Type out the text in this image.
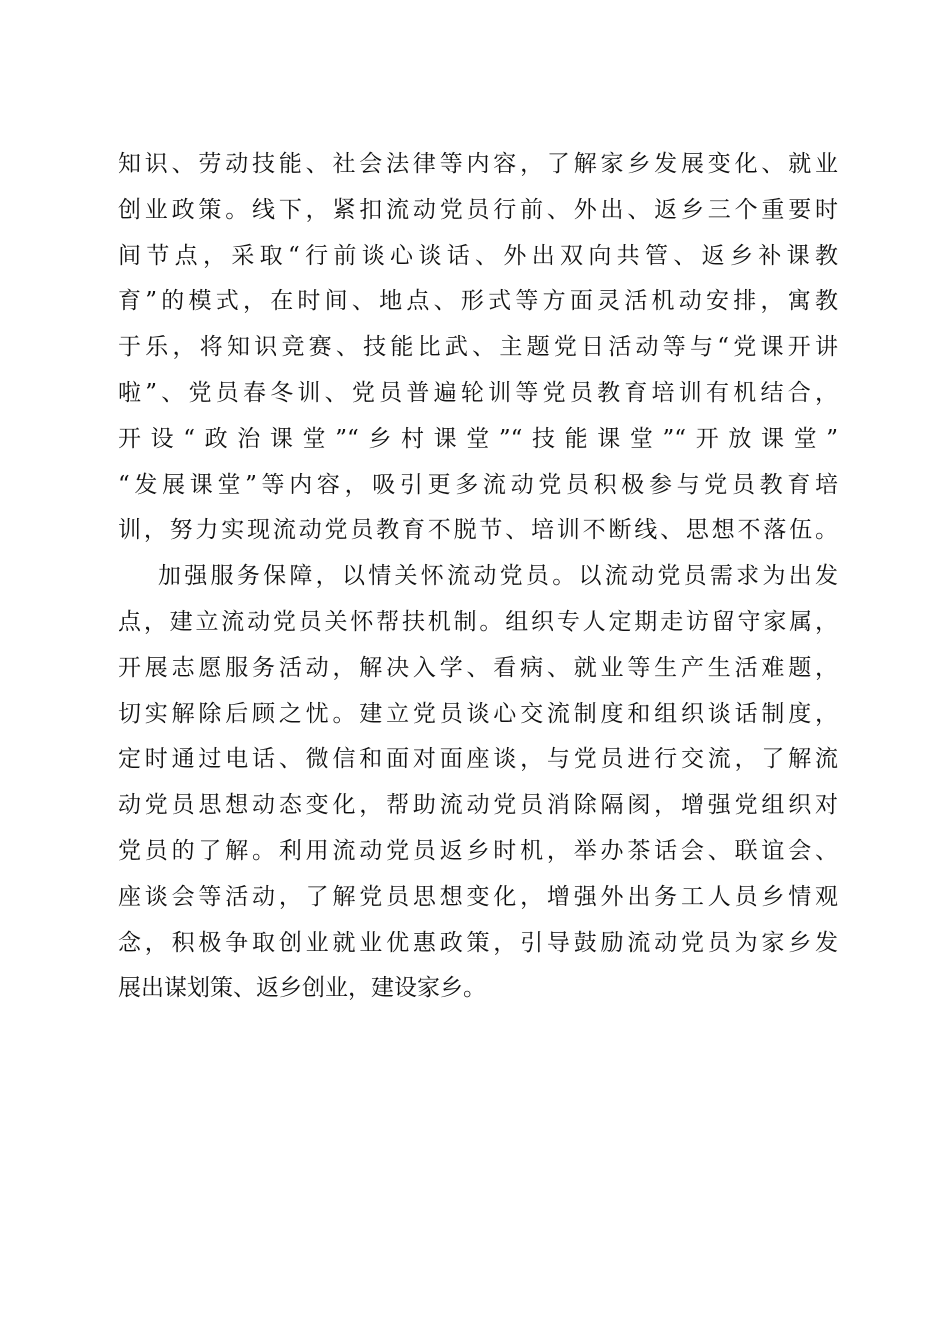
知识、劳动技能、社会法律等内容，了解家乡发展变化、就业
创业政策。线下，紧扣流动党员行前、外出、返乡三个重要时
间节点，采取“行前谈心谈话、外出双向共管、返乡补课教
育”的模式，在时间、地点、形式等方面灵活机动安排，寓教
于乐，将知识竞赛、技能比武、主题党日活动等与“党课开讲
啦”、党员春冬训、党员普遍轮训等党员教育培训有机结合，
开设“政治课堂”“乡村课堂”“技能课堂”“开放课堂”
“发展课堂”等内容，吸引更多流动党员积极参与党员教育培
训，努力实现流动党员教育不脱节、培训不断线、思想不落伍。
加强服务保障，以情关怀流动党员。以流动党员需求为出发
点，建立流动党员关怀帮扶机制。组织专人定期走访留守家属，
开展志愿服务活动，解决入学、看病、就业等生产生活难题，
切实解除后顾之忧。建立党员谈心交流制度和组织谈话制度，
定时通过电话、微信和面对面座谈，与党员进行交流，了解流
动党员思想动态变化，帮助流动党员消除隔阂，增强党组织对
党员的了解。利用流动党员返乡时机，举办茶话会、联谊会、
座谈会等活动，了解党员思想变化，增强外出务工人员乡情观
念，积极争取创业就业优惠政策，引导鼓励流动党员为家乡发
展出谋划策、返乡创业，建设家乡。
